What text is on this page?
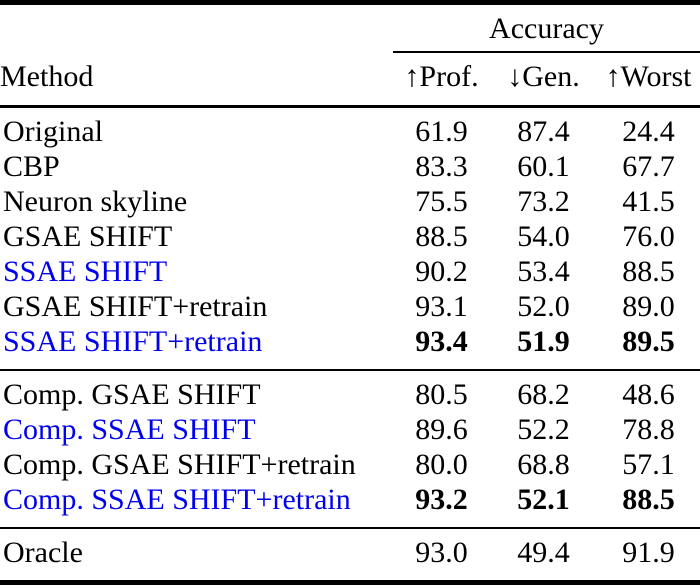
	Accuracy		
Method	↑Prof.	↓Gen.	↑Worst
Original	61.9	87.4	24.4
CBP	83.3	60.1	67.7
Neuron skyline	75.5	73.2	41.5
GSAE SHIFT	88.5	54.0	76.0
SSAE SHIFT	90.2	53.4	88.5
GSAE SHIFT+retrain	93.1	52.0	89.0
SSAE SHIFT+retrain	93.4	51.9	89.5
Comp. GSAE SHIFT	80.5	68.2	48.6
Comp. SSAE SHIFT	89.6	52.2	78.8
Comp. GSAE SHIFT+retrain	80.0	68.8	57.1
Comp. SSAE SHIFT+retrain	93.2	52.1	88.5
Oracle	93.0	49.4	91.9
